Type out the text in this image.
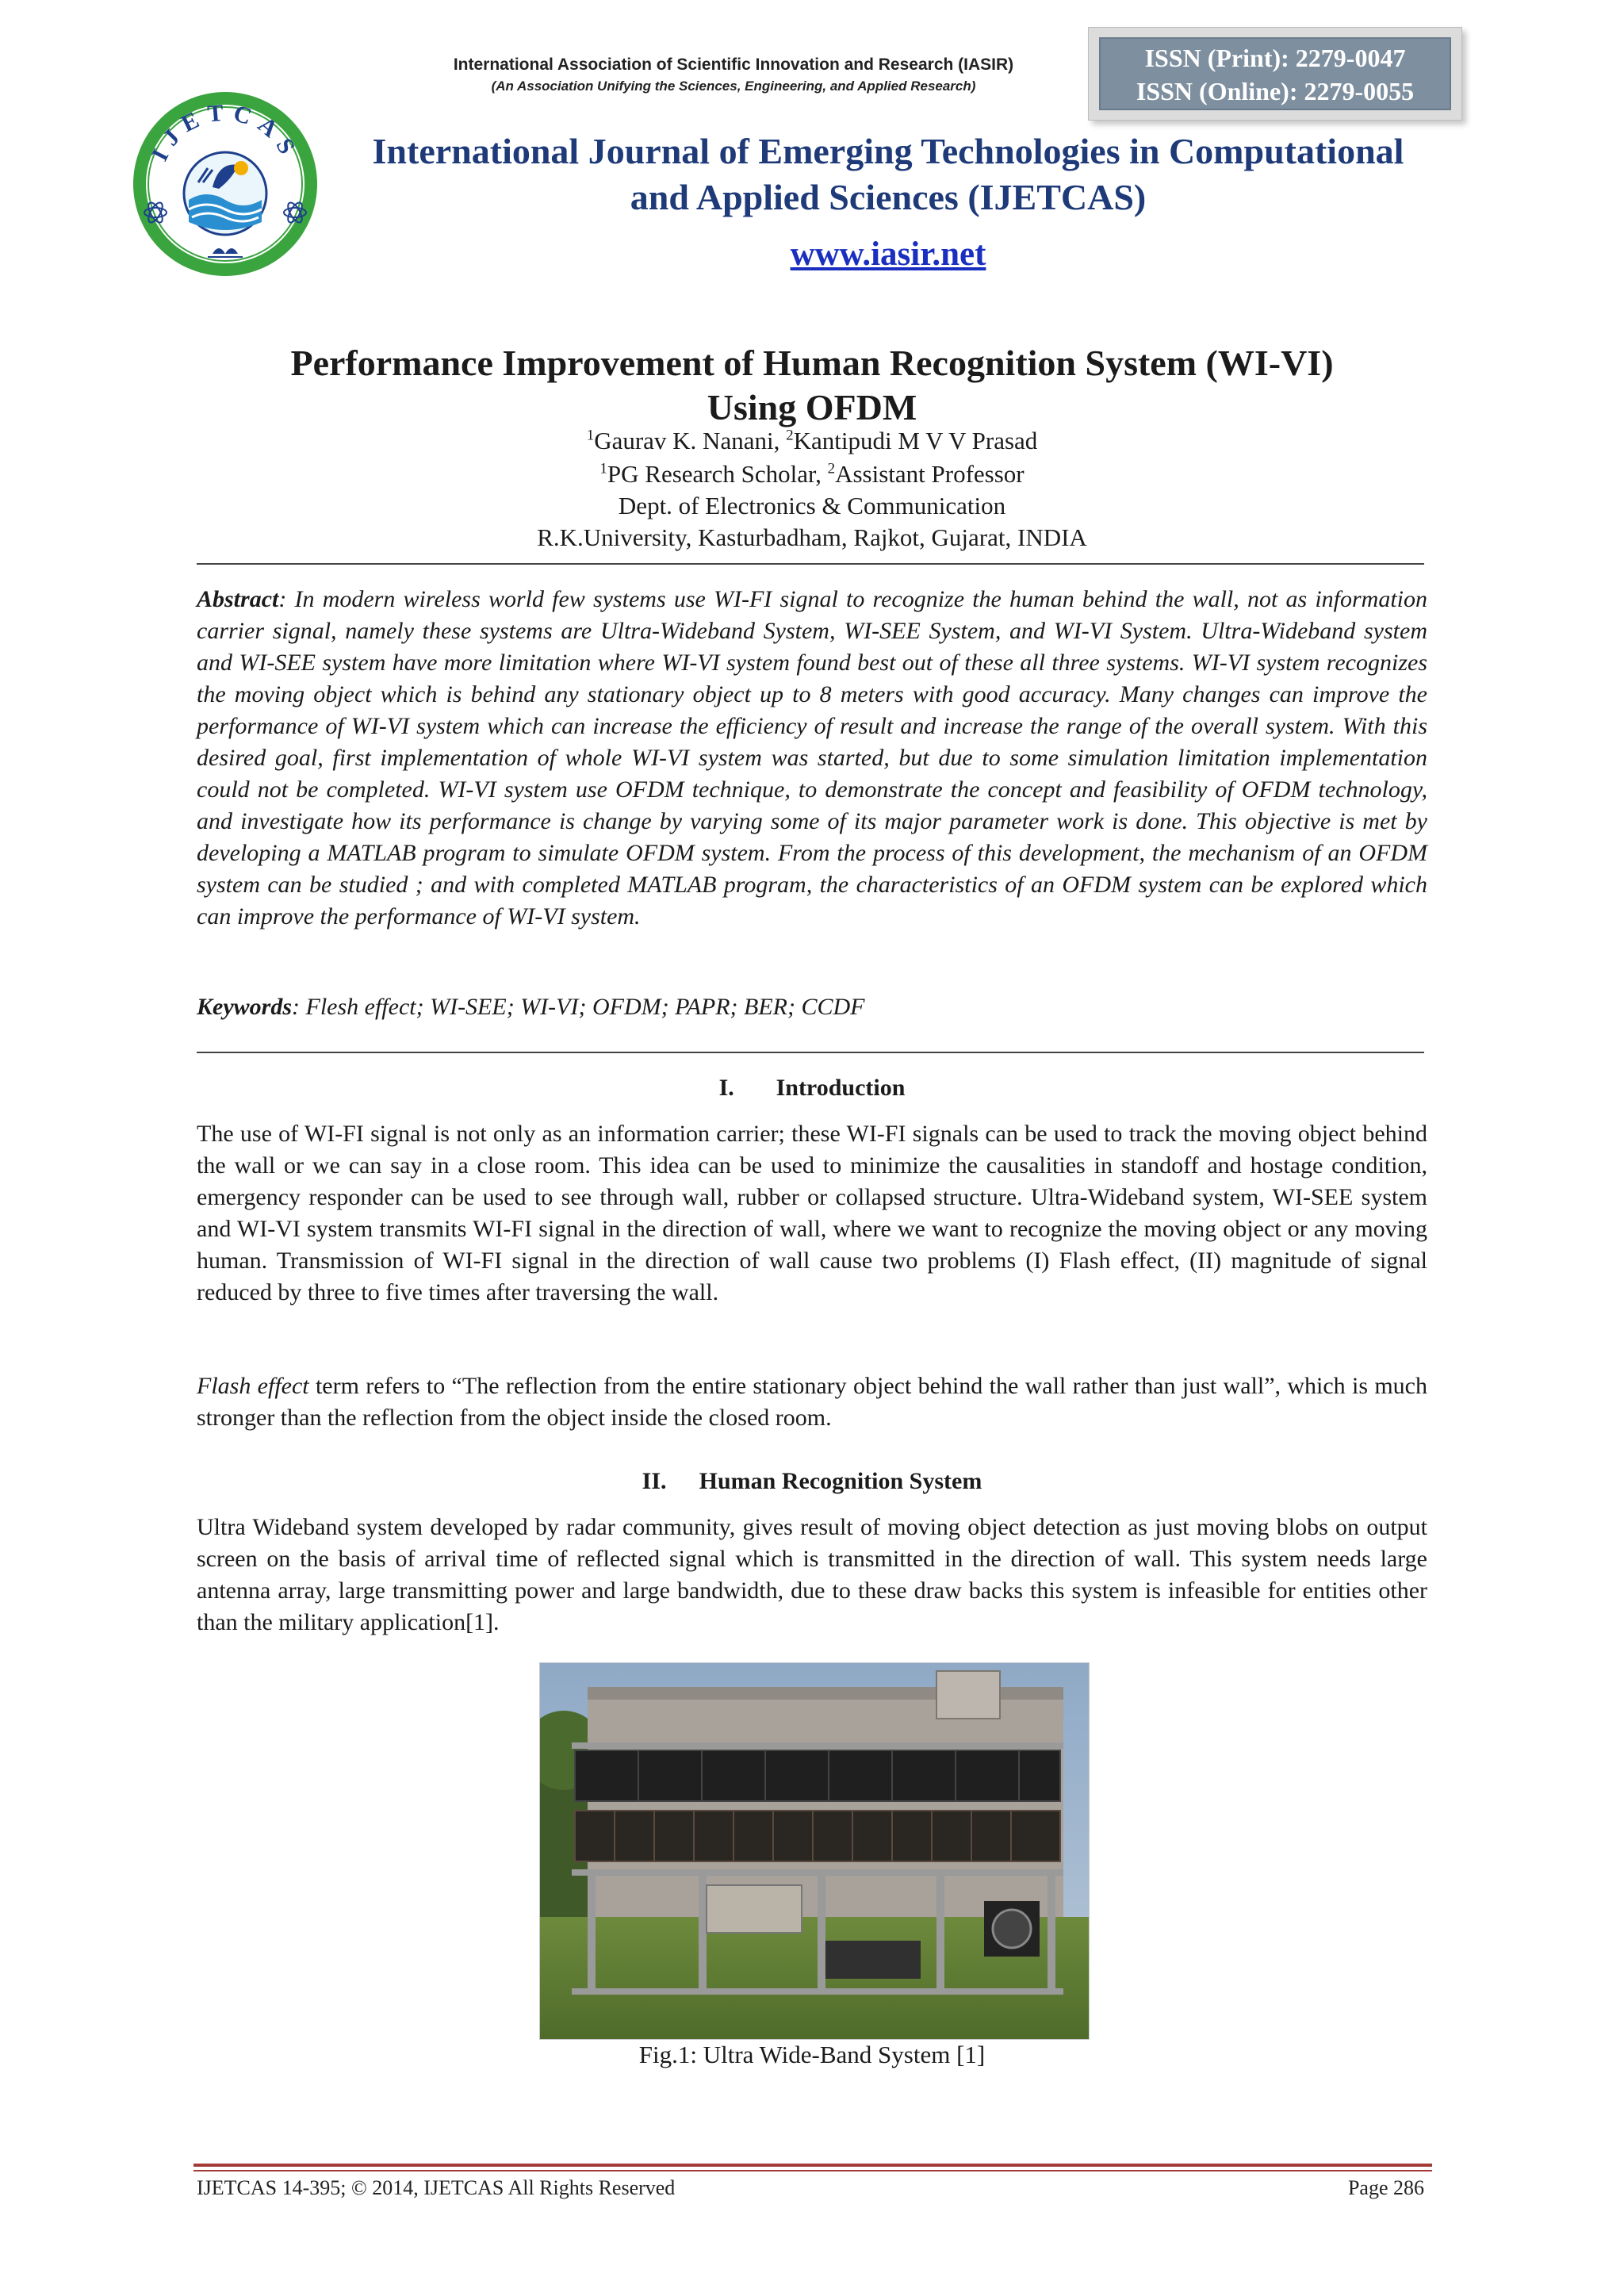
International Association of Scientific Innovation and Research (IASIR)
(An Association Unifying the Sciences, Engineering, and Applied Research)
ISSN (Print): 2279-0047
ISSN (Online): 2279-0055
IJETCAS	International Journal of Emerging Technologies in Computational
and Applied Sciences (IJETCAS)
www.iasir.net
Performance Improvement of Human Recognition System (WI-VI)
Using OFDM
$^1$Gaurav K. Nanani, $^2$Kantipudi M V V Prasad
$^1$PG Research Scholar, $^2$Assistant Professor
Dept. of Electronics & Communication
R.K.University, Kasturbadham, Rajkot, Gujarat, INDIA
Abstract: In modern wireless world few systems use WI-FI signal to recognize the human behind the wall, not as information carrier signal, namely these systems are Ultra-Wideband System, WI-SEE System, and WI-VI System. Ultra-Wideband system and WI-SEE system have more limitation where WI-VI system found best out of these all three systems. WI-VI system recognizes the moving object which is behind any stationary object up to 8 meters with good accuracy. Many changes can improve the performance of WI-VI system which can increase the efficiency of result and increase the range of the overall system. With this desired goal, first implementation of whole WI-VI system was started, but due to some simulation limitation implementation could not be completed. WI-VI system use OFDM technique, to demonstrate the concept and feasibility of OFDM technology, and investigate how its performance is change by varying some of its major parameter work is done. This objective is met by developing a MATLAB program to simulate OFDM system. From the process of this development, the mechanism of an OFDM system can be studied ; and with completed MATLAB program, the characteristics of an OFDM system can be explored which can improve the performance of WI-VI system.
Keywords: Flesh effect; WI-SEE; WI-VI; OFDM; PAPR; BER; CCDF
I. Introduction
The use of WI-FI signal is not only as an information carrier; these WI-FI signals can be used to track the moving object behind the wall or we can say in a close room. This idea can be used to minimize the causalities in standoff and hostage condition, emergency responder can be used to see through wall, rubber or collapsed structure. Ultra-Wideband system, WI-SEE system and WI-VI system transmits WI-FI signal in the direction of wall, where we want to recognize the moving object or any moving human. Transmission of WI-FI signal in the direction of wall cause two problems (I) Flash effect, (II) magnitude of signal reduced by three to five times after traversing the wall.
Flash effect term refers to “The reflection from the entire stationary object behind the wall rather than just wall”, which is much stronger than the reflection from the object inside the closed room.
II. Human Recognition System
Ultra Wideband system developed by radar community, gives result of moving object detection as just moving blobs on output screen on the basis of arrival time of reflected signal which is transmitted in the direction of wall. This system needs large antenna array, large transmitting power and large bandwidth, due to these draw backs this system is infeasible for entities other than the military application[1].
Fig.1: Ultra Wide-Band System [1]
IJETCAS 14-395; © 2014, IJETCAS All Rights Reserved	Page 286
